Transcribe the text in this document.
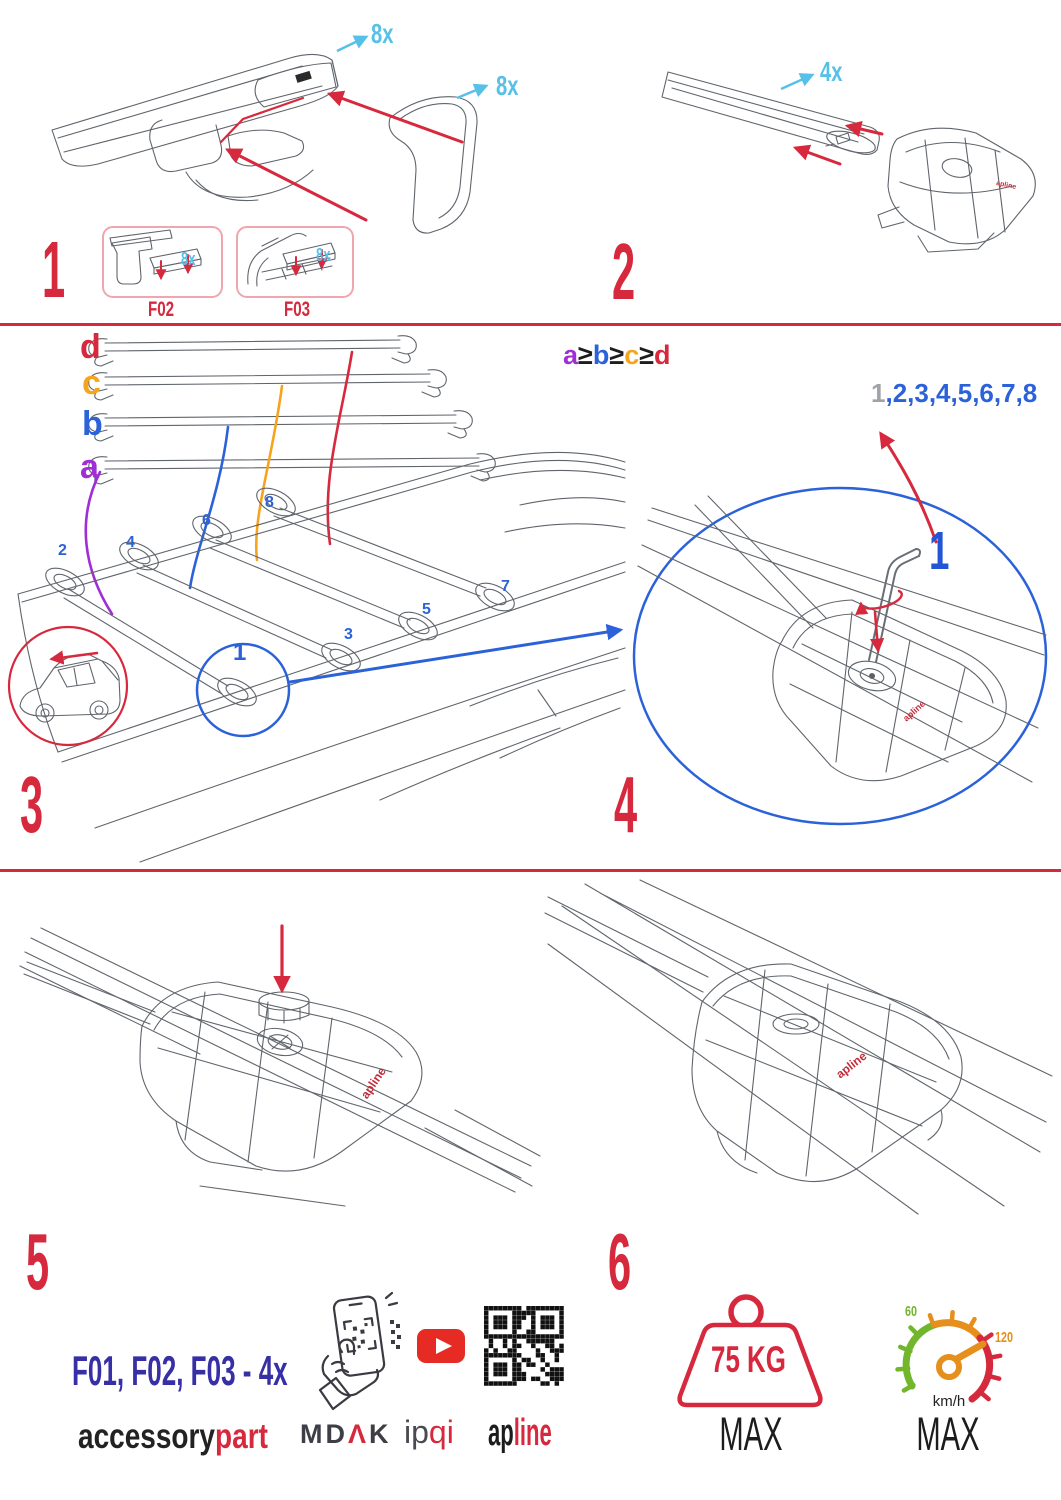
1	2
3	4
5	6
8x
8x
8x	8x
F02	F03
4x
d
c
b
a
a≥b≥c≥d
2	4
6
8
1
3
5
7
1,2,3,4,5,6,7,8
1
apline
apline
apline	apline
F01, F02, F03 - 4x
accessorypart	MDΛK ipqi apline
75 KG
MAX
60
120
km/h
MAX
